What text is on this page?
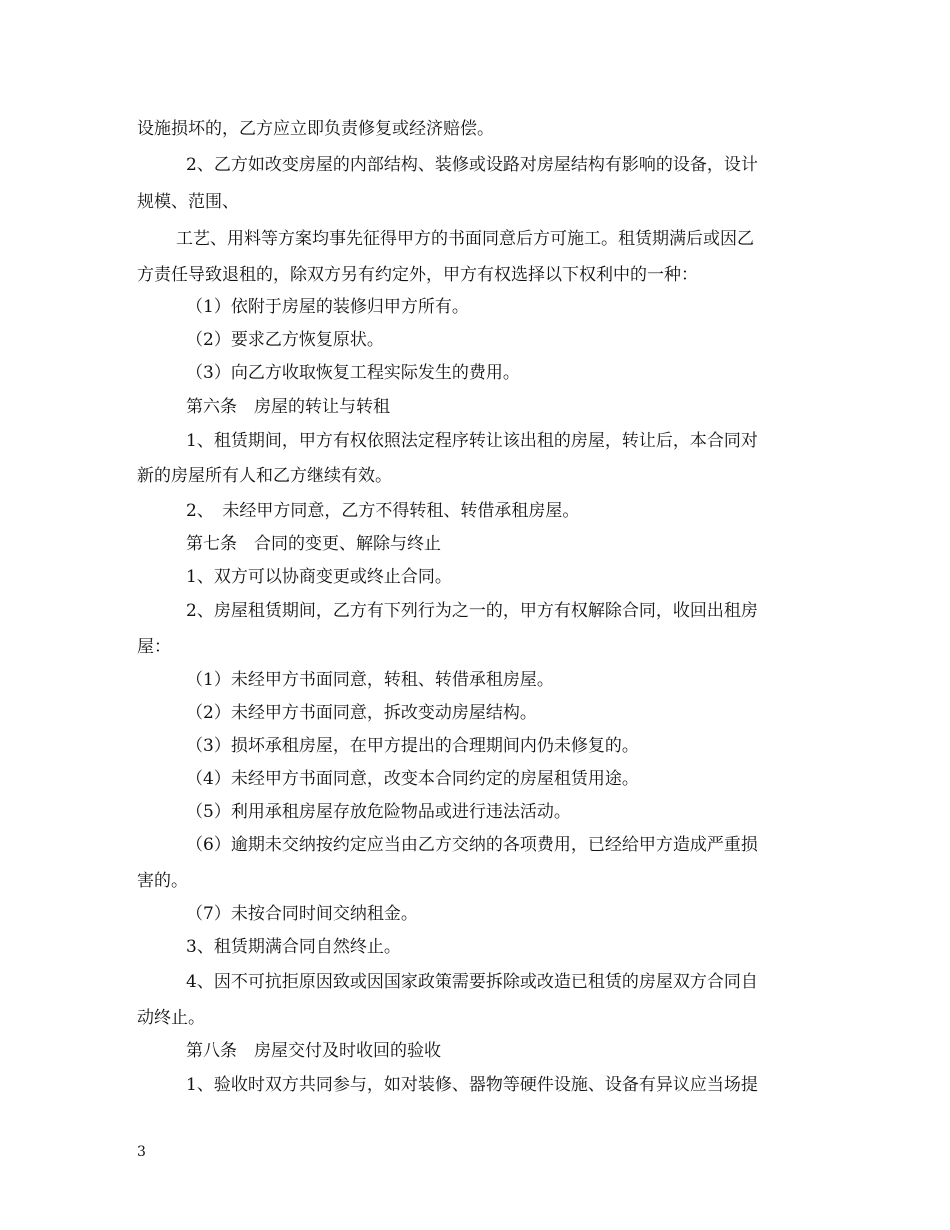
设施损坏的，乙方应立即负责修复或经济赔偿。
2、乙方如改变房屋的内部结构、装修或设路对房屋结构有影响的设备，设计
规模、范围、
工艺、用料等方案均事先征得甲方的书面同意后方可施工。租赁期满后或因乙
方责任导致退租的，除双方另有约定外，甲方有权选择以下权利中的一种：
（1）依附于房屋的装修归甲方所有。
（2）要求乙方恢复原状。
（3）向乙方收取恢复工程实际发生的费用。
第六条　房屋的转让与转租
1、租赁期间，甲方有权依照法定程序转让该出租的房屋，转让后，本合同对
新的房屋所有人和乙方继续有效。
2、　未经甲方同意，乙方不得转租、转借承租房屋。
第七条　合同的变更、解除与终止
1、双方可以协商变更或终止合同。
2、房屋租赁期间，乙方有下列行为之一的，甲方有权解除合同，收回出租房
屋：
（1）未经甲方书面同意，转租、转借承租房屋。
（2）未经甲方书面同意，拆改变动房屋结构。
（3）损坏承租房屋，在甲方提出的合理期间内仍未修复的。
（4）未经甲方书面同意，改变本合同约定的房屋租赁用途。
（5）利用承租房屋存放危险物品或进行违法活动。
（6）逾期未交纳按约定应当由乙方交纳的各项费用，已经给甲方造成严重损
害的。
（7）未按合同时间交纳租金。
3、租赁期满合同自然终止。
4、因不可抗拒原因致或因国家政策需要拆除或改造已租赁的房屋双方合同自
动终止。
第八条　房屋交付及时收回的验收
1、验收时双方共同参与，如对装修、器物等硬件设施、设备有异议应当场提
3
